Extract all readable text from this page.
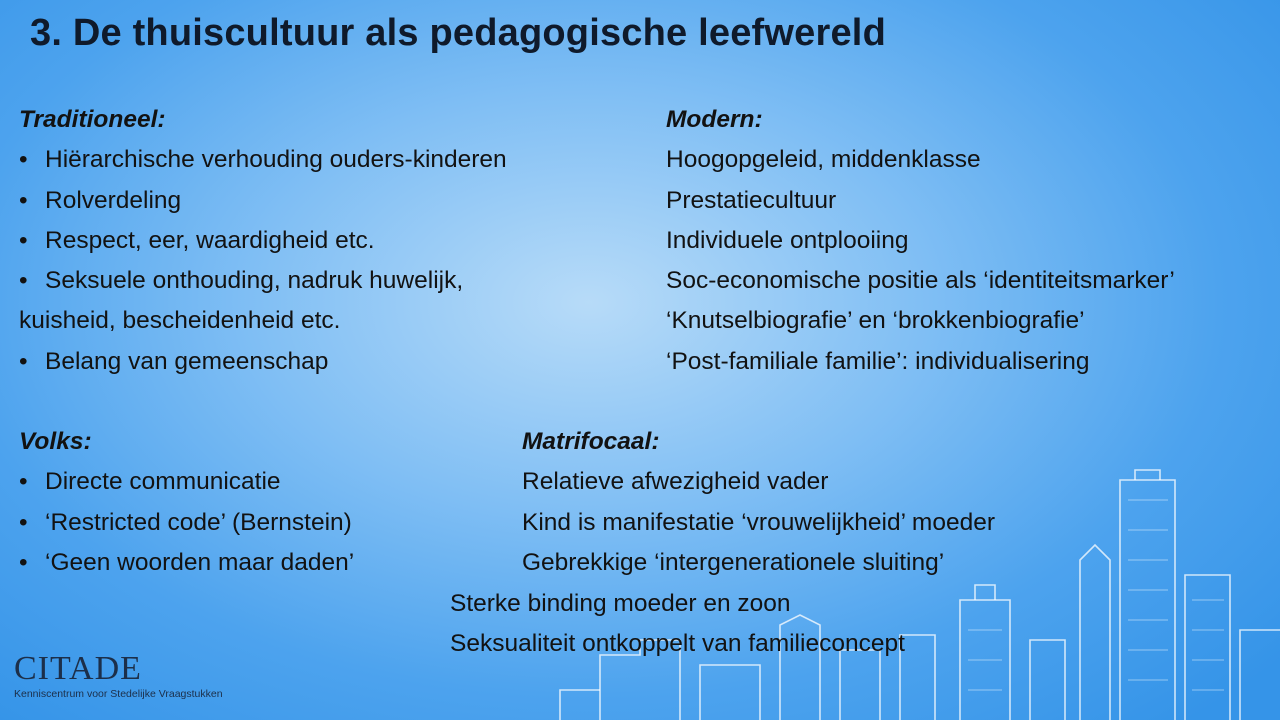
3. De thuiscultuur als pedagogische leefwereld
Traditioneel:
• Hiërarchische verhouding ouders-kinderen
• Rolverdeling
• Respect, eer, waardigheid etc.
• Seksuele onthouding, nadruk huwelijk,
kuisheid, bescheidenheid etc.
• Belang van gemeenschap
Modern:
Hoogopgeleid, middenklasse
Prestatiecultuur
Individuele ontplooiing
Soc-economische positie als ‘identiteitsmarker’
‘Knutselbiografie’ en ‘brokkenbiografie’
‘Post-familiale familie’: individualisering
Volks:
• Directe communicatie
• ‘Restricted code’ (Bernstein)
• ‘Geen woorden maar daden’
Matrifocaal:
Relatieve afwezigheid vader
Kind is manifestatie ‘vrouwelijkheid’ moeder
Gebrekkige ‘intergenerationele sluiting’
Sterke binding moeder en zoon
Seksualiteit ontkoppelt van familieconcept
CITADE
Kenniscentrum voor Stedelijke Vraagstukken
